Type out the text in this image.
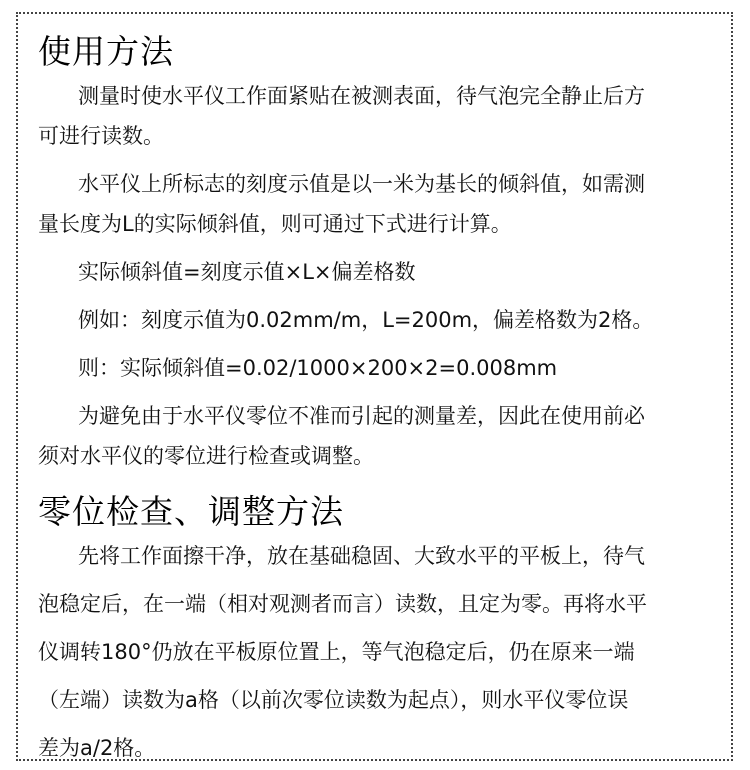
使用方法

测量时使水平仪工作面紧贴在被测表面，待气泡完全静止后方

可进行读数。

水平仪上所标志的刻度示值是以一米为基长的倾斜值，如需测

量长度为L的实际倾斜值，则可通过下式进行计算。

实际倾斜值=刻度示值×L×偏差格数

例如：刻度示值为0.02mm/m，L=200m，偏差格数为2格。

则：实际倾斜值=0.02/1000×200×2=0.008mm

为避免由于水平仪零位不准而引起的测量差，因此在使用前必

须对水平仪的零位进行检查或调整。

零位检查、调整方法

先将工作面擦干净，放在基础稳固、大致水平的平板上，待气

泡稳定后，在一端（相对观测者而言）读数，且定为零。再将水平

仪调转180°仍放在平板原位置上，等气泡稳定后，仍在原来一端

（左端）读数为a格（以前次零位读数为起点），则水平仪零位误

差为a/2格。
